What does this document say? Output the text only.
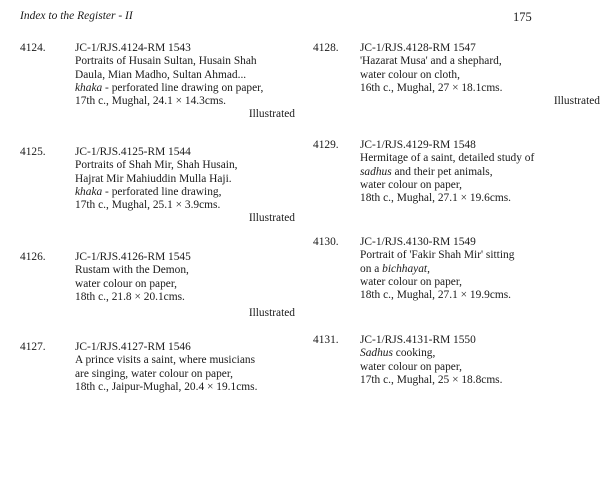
Index to the Register - II	175
4124.	JC-1/RJS.4124-RM 1543
Portraits of Husain Sultan, Husain Shah
Daula, Mian Madho, Sultan Ahmad...
khaka - perforated line drawing on paper,
17th c., Mughal, 24.1 × 14.3cms.
Illustrated
4125.	JC-1/RJS.4125-RM 1544
Portraits of Shah Mir, Shah Husain,
Hajrat Mir Mahiuddin Mulla Haji.
khaka - perforated line drawing,
17th c., Mughal, 25.1 × 3.9cms.
Illustrated
4126.	JC-1/RJS.4126-RM 1545
Rustam with the Demon,
water colour on paper,
18th c., 21.8 × 20.1cms.
Illustrated
4127.	JC-1/RJS.4127-RM 1546
A prince visits a saint, where musicians
are singing, water colour on paper,
18th c., Jaipur-Mughal, 20.4 × 19.1cms.
4128. JC-1/RJS.4128-RM 1547
'Hazarat Musa' and a shephard,
water colour on cloth,
16th c., Mughal, 27 × 18.1cms.
Illustrated
4129. JC-1/RJS.4129-RM 1548
Hermitage of a saint, detailed study of
sadhus and their pet animals,
water colour on paper,
18th c., Mughal, 27.1 × 19.6cms.
4130. JC-1/RJS.4130-RM 1549
Portrait of 'Fakir Shah Mir' sitting
on a bichhayat,
water colour on paper,
18th c., Mughal, 27.1 × 19.9cms.
4131. JC-1/RJS.4131-RM 1550
Sadhus cooking,
water colour on paper,
17th c., Mughal, 25 × 18.8cms.
